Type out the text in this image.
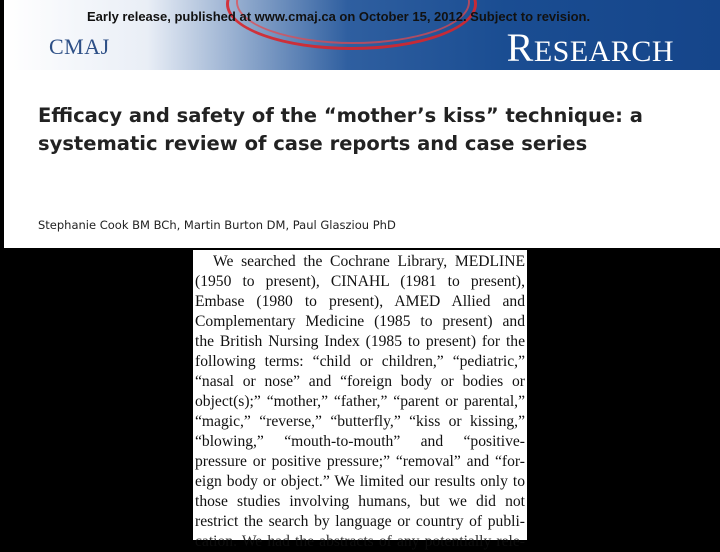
Early release, published at www.cmaj.ca on October 15, 2012. Subject to revision.
CMAJ	RESEARCH
Efficacy and safety of the “mother’s kiss” technique: a systematic review of case reports and case series
Stephanie Cook BM BCh, Martin Burton DM, Paul Glasziou PhD
We searched the Cochrane Library, MEDLINE
(1950 to present), CINAHL (1981 to present),
Embase (1980 to present), AMED Allied and
Complementary Medicine (1985 to present) and
the British Nursing Index (1985 to present) for the
following terms: “child or children,” “pediatric,”
“nasal or nose” and “foreign body or bodies or
object(s);” “mother,” “father,” “parent or parental,”
“magic,” “reverse,” “butterfly,” “kiss or kissing,”
“blowing,” “mouth-to-mouth” and “positive-
pressure or positive pressure;” “removal” and “for-
eign body or object.” We limited our results only to
those studies involving humans, but we did not
restrict the search by language or country of publi-
cation. We had the abstracts of any potentially rele-
